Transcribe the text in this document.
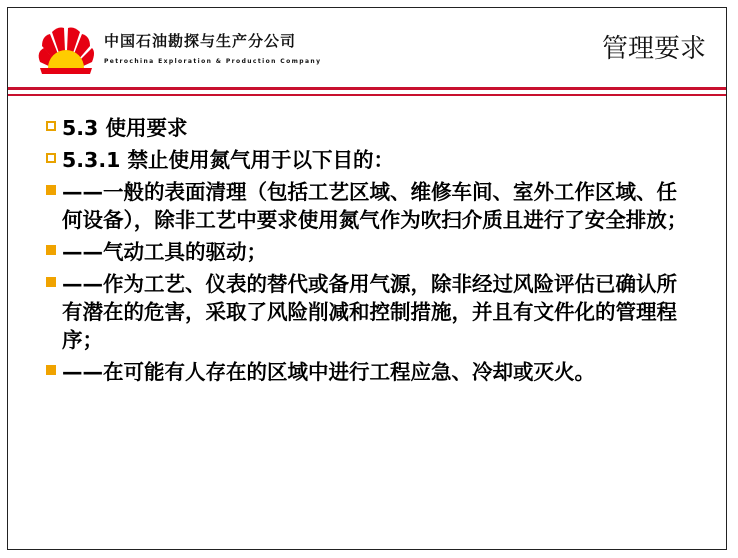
中国石油勘探与生产分公司
Petrochina Exploration & Production Company	管理要求
5.3 使用要求
5.3.1 禁止使用氮气用于以下目的：
——一般的表面清理（包括工艺区域、维修车间、室外工作区域、任何设备），除非工艺中要求使用氮气作为吹扫介质且进行了安全排放；
——气动工具的驱动；
——作为工艺、仪表的替代或备用气源，除非经过风险评估已确认所有潜在的危害，采取了风险削减和控制措施，并且有文件化的管理程序；
——在可能有人存在的区域中进行工程应急、冷却或灭火。
